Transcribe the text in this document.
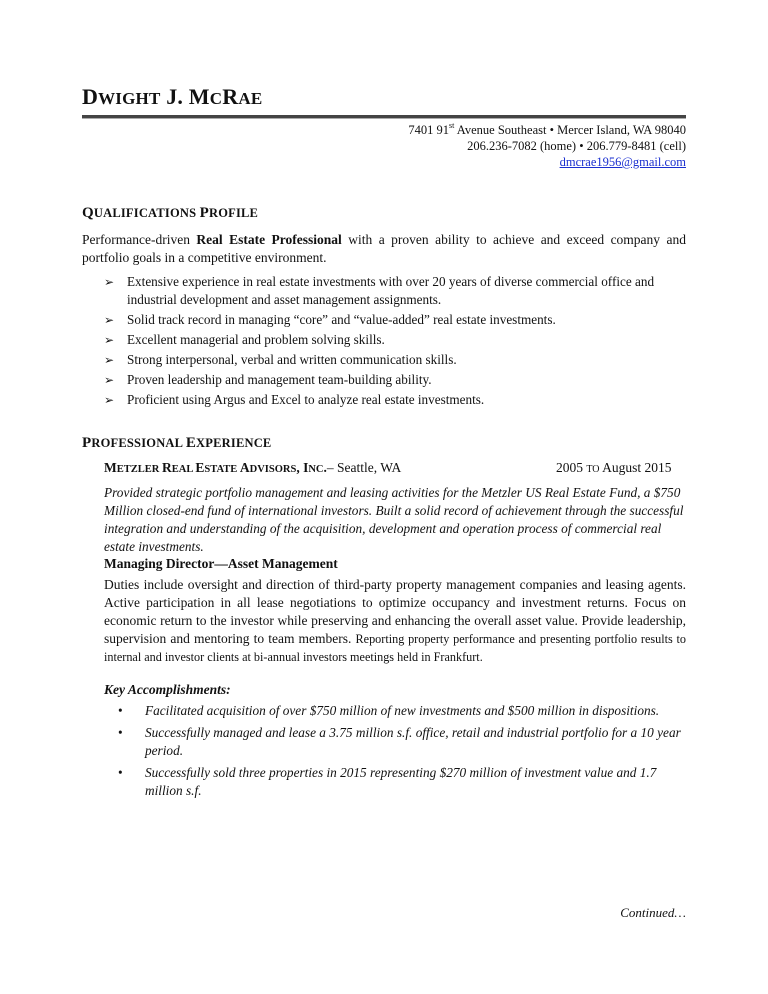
DWIGHT J. MCRAE
7401 91st Avenue Southeast • Mercer Island, WA 98040
206.236-7082 (home) • 206.779-8481 (cell)
dmcrae1956@gmail.com
QUALIFICATIONS PROFILE
Performance-driven Real Estate Professional with a proven ability to achieve and exceed company and portfolio goals in a competitive environment.
➢ Extensive experience in real estate investments with over 20 years of diverse commercial office and industrial development and asset management assignments.
➢ Solid track record in managing “core” and “value-added” real estate investments.
➢ Excellent managerial and problem solving skills.
➢ Strong interpersonal, verbal and written communication skills.
➢ Proven leadership and management team-building ability.
➢ Proficient using Argus and Excel to analyze real estate investments.
PROFESSIONAL EXPERIENCE
METZLER REAL ESTATE ADVISORS, INC.– Seattle, WA	2005 TO August 2015
Provided strategic portfolio management and leasing activities for the Metzler US Real Estate Fund, a $750 Million closed-end fund of international investors. Built a solid record of achievement through the successful integration and understanding of the acquisition, development and operation process of commercial real estate investments.
Managing Director—Asset Management
Duties include oversight and direction of third-party property management companies and leasing agents. Active participation in all lease negotiations to optimize occupancy and investment returns. Focus on economic return to the investor while preserving and enhancing the overall asset value. Provide leadership, supervision and mentoring to team members. Reporting property performance and presenting portfolio results to internal and investor clients at bi-annual investors meetings held in Frankfurt.
Key Accomplishments:
• Facilitated acquisition of over $750 million of new investments and $500 million in dispositions.
• Successfully managed and lease a 3.75 million s.f. office, retail and industrial portfolio for a 10 year period.
• Successfully sold three properties in 2015 representing $270 million of investment value and 1.7 million s.f.
Continued…
